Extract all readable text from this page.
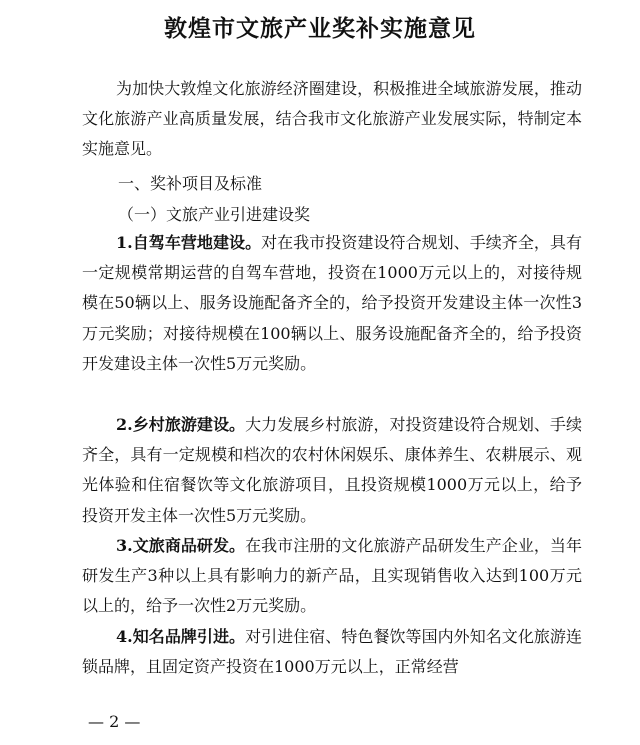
敦煌市文旅产业奖补实施意见
为加快大敦煌文化旅游经济圈建设，积极推进全域旅游发展，推动文化旅游产业高质量发展，结合我市文化旅游产业发展实际，特制定本实施意见。
一、奖补项目及标准
（一）文旅产业引进建设奖
1.自驾车营地建设。对在我市投资建设符合规划、手续齐全，具有一定规模常期运营的自驾车营地，投资在1000万元以上的，对接待规模在50辆以上、服务设施配备齐全的，给予投资开发建设主体一次性3万元奖励；对接待规模在100辆以上、服务设施配备齐全的，给予投资开发建设主体一次性5万元奖励。
2.乡村旅游建设。大力发展乡村旅游，对投资建设符合规划、手续齐全，具有一定规模和档次的农村休闲娱乐、康体养生、农耕展示、观光体验和住宿餐饮等文化旅游项目，且投资规模1000万元以上，给予投资开发主体一次性5万元奖励。
3.文旅商品研发。在我市注册的文化旅游产品研发生产企业，当年研发生产3种以上具有影响力的新产品，且实现销售收入达到100万元以上的，给予一次性2万元奖励。
4.知名品牌引进。对引进住宿、特色餐饮等国内外知名文化旅游连锁品牌，且固定资产投资在1000万元以上，正常经营
— 2 —
